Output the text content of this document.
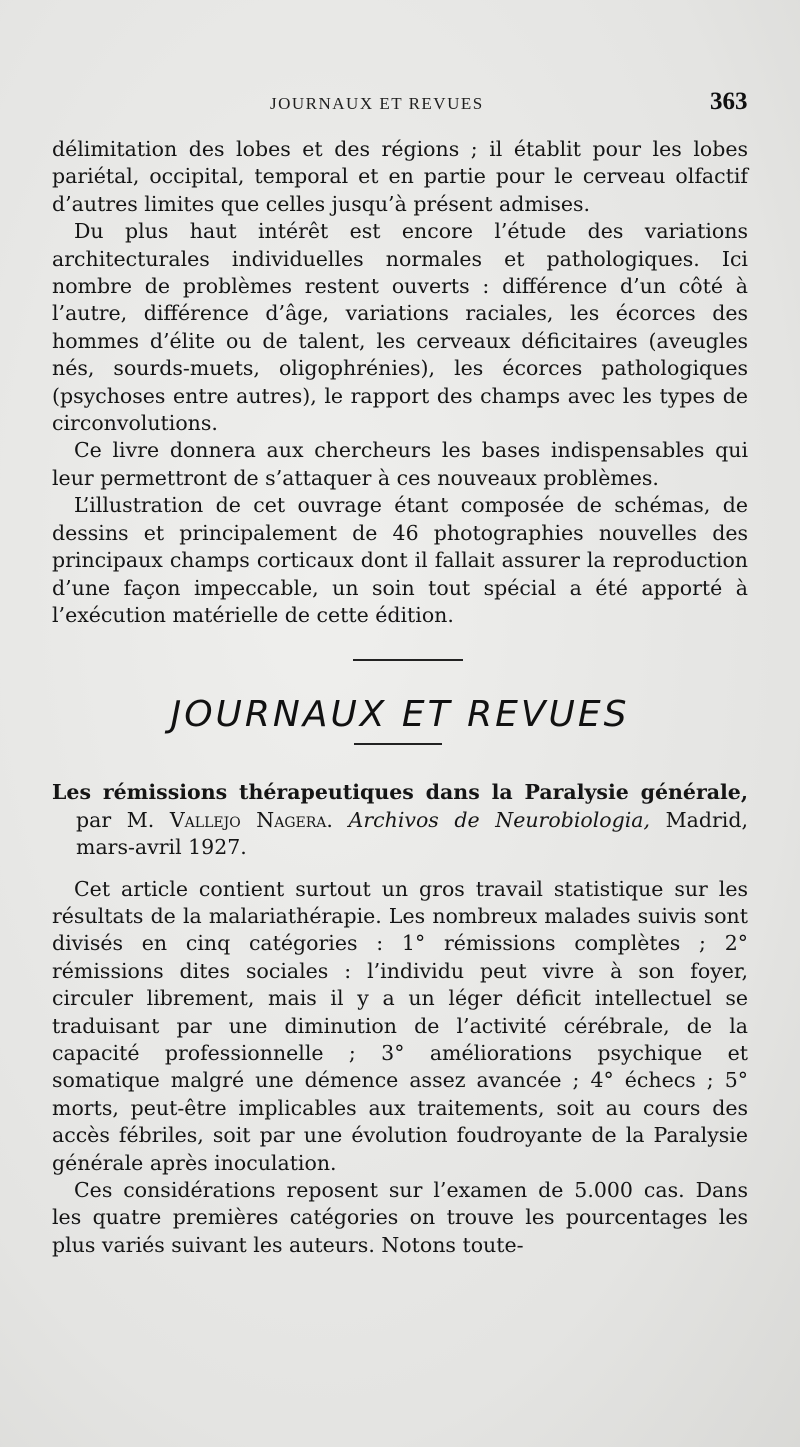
JOURNAUX ET REVUES	363

délimitation des lobes et des régions ; il établit pour les lobes pariétal, occipital, temporal et en partie pour le cerveau olfactif d’autres limites que celles jusqu’à présent admises.

Du plus haut intérêt est encore l’étude des variations architecturales individuelles normales et pathologiques. Ici nombre de problèmes restent ouverts : différence d’un côté à l’autre, différence d’âge, variations raciales, les écorces des hommes d’élite ou de talent, les cerveaux déficitaires (aveugles nés, sourds-muets, oligophrénies), les écorces pathologiques (psychoses entre autres), le rapport des champs avec les types de circonvolutions.

Ce livre donnera aux chercheurs les bases indispensables qui leur permettront de s’attaquer à ces nouveaux problèmes.

L’illustration de cet ouvrage étant composée de schémas, de dessins et principalement de 46 photographies nouvelles des principaux champs corticaux dont il fallait assurer la reproduction d’une façon impeccable, un soin tout spécial a été apporté à l’exécution matérielle de cette édition.

JOURNAUX ET REVUES

Les rémissions thérapeutiques dans la Paralysie générale, par M. Vallejo Nagera. Archivos de Neurobiologia, Madrid, mars-avril 1927.

Cet article contient surtout un gros travail statistique sur les résultats de la malariathérapie. Les nombreux malades suivis sont divisés en cinq catégories : 1° rémissions complètes ; 2° rémissions dites sociales : l’individu peut vivre à son foyer, circuler librement, mais il y a un léger déficit intellectuel se traduisant par une diminution de l’activité cérébrale, de la capacité professionnelle ; 3° améliorations psychique et somatique malgré une démence assez avancée ; 4° échecs ; 5° morts, peut-être implicables aux traitements, soit au cours des accès fébriles, soit par une évolution foudroyante de la Paralysie générale après inoculation.

Ces considérations reposent sur l’examen de 5.000 cas. Dans les quatre premières catégories on trouve les pourcentages les plus variés suivant les auteurs. Notons toute-
